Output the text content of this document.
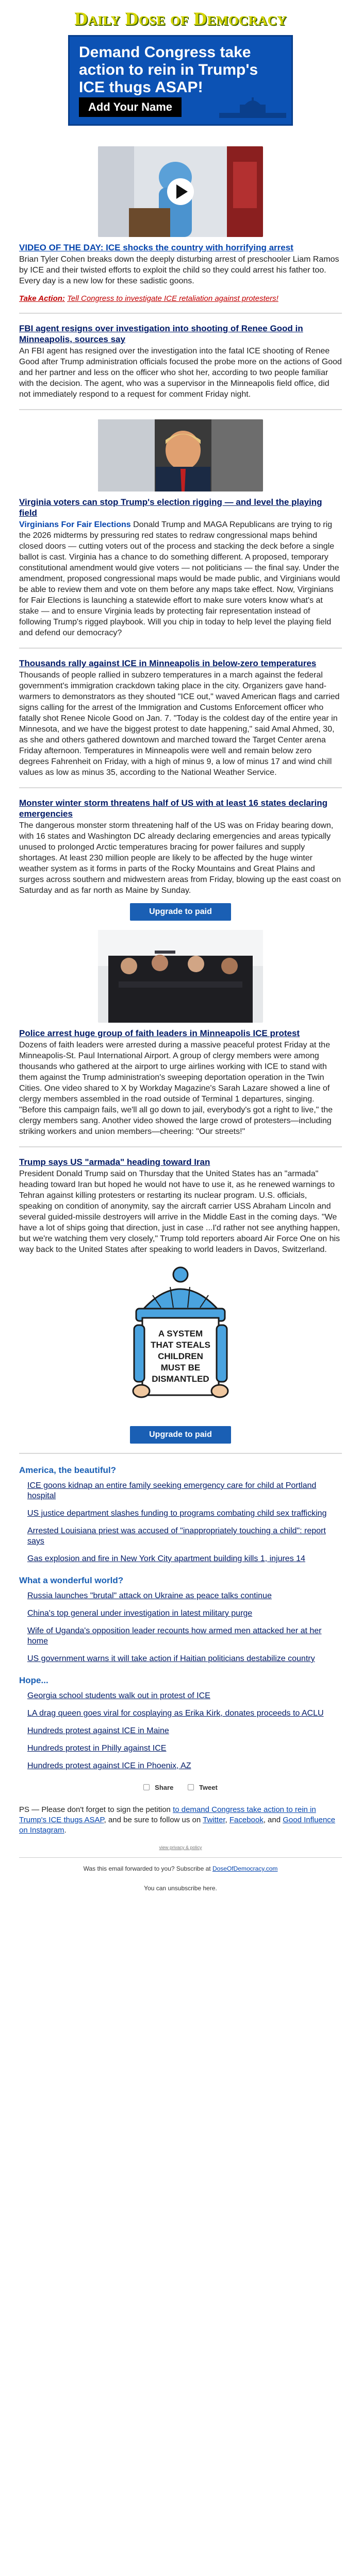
Daily Dose of Democracy
Demand Congress take action to rein in Trump's ICE thugs ASAP!
Add Your Name

VIDEO OF THE DAY: ICE shocks the country with horrifying arrest

Brian Tyler Cohen breaks down the deeply disturbing arrest of preschooler Liam Ramos by ICE and their twisted efforts to exploit the child so they could arrest his father too. Every day is a new low for these sadistic goons.

Take Action: Tell Congress to investigate ICE retaliation against protesters!
FBI agent resigns over investigation into shooting of Renee Good in Minneapolis, sources say

An FBI agent has resigned over the investigation into the fatal ICE shooting of Renee Good after Trump administration officials focused the probe more on the actions of Good and her partner and less on the officer who shot her, according to two people familiar with the decision. The agent, who was a supervisor in the Minneapolis field office, did not immediately respond to a request for comment Friday night.

Virginia voters can stop Trump's election rigging — and level the playing field

Virginians For Fair Elections Donald Trump and MAGA Republicans are trying to rig the 2026 midterms by pressuring red states to redraw congressional maps behind closed doors — cutting voters out of the process and stacking the deck before a single ballot is cast. Virginia has a chance to do something different. A proposed, temporary constitutional amendment would give voters — not politicians — the final say. Under the amendment, proposed congressional maps would be made public, and Virginians would be able to review them and vote on them before any maps take effect. Now, Virginians for Fair Elections is launching a statewide effort to make sure voters know what's at stake — and to ensure Virginia leads by protecting fair representation instead of following Trump's rigged playbook. Will you chip in today to help level the playing field and defend our democracy?

Thousands rally against ICE in Minneapolis in below-zero temperatures

Thousands of people rallied in subzero temperatures in a march against the federal government's immigration crackdown taking place in the city. Organizers gave hand-warmers to demonstrators as they shouted "ICE out," waved American flags and carried signs calling for the arrest of the Immigration and Customs Enforcement officer who fatally shot Renee Nicole Good on Jan. 7. "Today is the coldest day of the entire year in Minnesota, and we have the biggest protest to date happening," said Amal Ahmed, 30, as she and others gathered downtown and marched toward the Target Center arena Friday afternoon. Temperatures in Minneapolis were well and remain below zero degrees Fahrenheit on Friday, with a high of minus 9, a low of minus 17 and wind chill values as low as minus 35, according to the National Weather Service.

Monster winter storm threatens half of US with at least 16 states declaring emergencies

The dangerous monster storm threatening half of the US was on Friday bearing down, with 16 states and Washington DC already declaring emergencies and areas typically unused to prolonged Arctic temperatures bracing for power failures and supply shortages. At least 230 million people are likely to be affected by the huge winter weather system as it forms in parts of the Rocky Mountains and Great Plains and surges across southern and midwestern areas from Friday, blowing up the east coast on Saturday and as far north as Maine by Sunday.

Upgrade to paid
Police arrest huge group of faith leaders in Minneapolis ICE protest

Dozens of faith leaders were arrested during a massive peaceful protest Friday at the Minneapolis-St. Paul International Airport. A group of clergy members were among thousands who gathered at the airport to urge airlines working with ICE to stand with them against the Trump administration's sweeping deportation operation in the Twin Cities. One video shared to X by Workday Magazine's Sarah Lazare showed a line of clergy members assembled in the road outside of Terminal 1 departures, singing. "Before this campaign fails, we'll all go down to jail, everybody's got a right to live," the clergy members sang. Another video showed the large crowd of protesters—including striking workers and union members—cheering: "Our streets!"

Trump says US "armada" heading toward Iran

President Donald Trump said on Thursday that the United States has an "armada" heading toward Iran but hoped he would not have to use it, as he renewed warnings to Tehran against killing protesters or restarting its nuclear program. U.S. officials, speaking on condition of anonymity, say the aircraft carrier USS Abraham Lincoln and several guided-missile destroyers will arrive in the Middle East in the coming days. "We have a lot of ships going that direction, just in case ...I'd rather not see anything happen, but we're watching them very closely," Trump told reporters aboard Air Force One on his way back to the United States after speaking to world leaders in Davos, Switzerland.

A SYSTEM
THAT STEALS
CHILDREN
MUST BE
DISMANTLED
Upgrade to paid
America, the beautiful?
ICE goons kidnap an entire family seeking emergency care for child at Portland hospital
US justice department slashes funding to programs combating child sex trafficking
Arrested Louisiana priest was accused of "inappropriately touching a child": report says
Gas explosion and fire in New York City apartment building kills 1, injures 14
What a wonderful world?
Russia launches "brutal" attack on Ukraine as peace talks continue
China's top general under investigation in latest military purge
Wife of Uganda's opposition leader recounts how armed men attacked her at her home
US government warns it will take action if Haitian politicians destabilize country
Hope...
Georgia school students walk out in protest of ICE
LA drag queen goes viral for cosplaying as Erika Kirk, donates proceeds to ACLU
Hundreds protest against ICE in Maine
Hundreds protest in Philly against ICE
Hundreds protest against ICE in Phoenix, AZ
Share	Tweet

PS — Please don't forget to sign the petition to demand Congress take action to rein in Trump's ICE thugs ASAP, and be sure to follow us on Twitter, Facebook, and Good Influence on Instagram.

view privacy & policy
Was this email forwarded to you? Subscribe at DoseOfDemocracy.com
You can unsubscribe here.
